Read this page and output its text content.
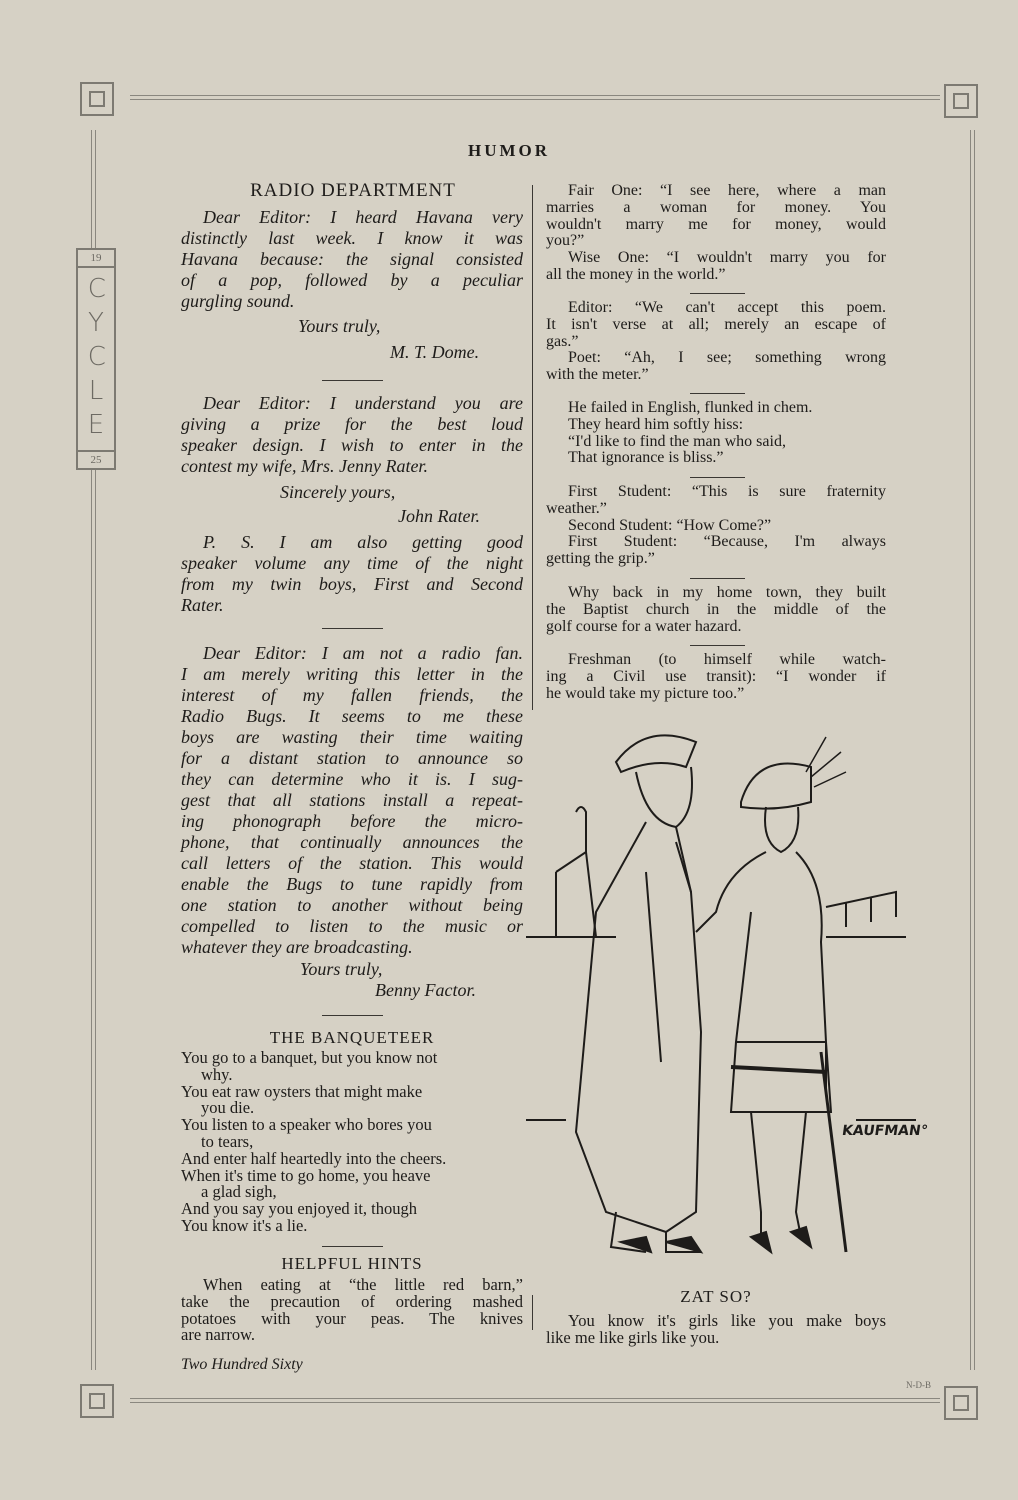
N-D-B
19
CYCLE
25
HUMOR
RADIO DEPARTMENT
Dear Editor: I heard Havana very
distinctly last week. I know it was
Havana because: the signal consisted
of a pop, followed by a peculiar
gurgling sound.
Yours truly,
M. T. Dome.
Dear Editor: I understand you are
giving a prize for the best loud
speaker design. I wish to enter in the
contest my wife, Mrs. Jenny Rater.
Sincerely yours,
John Rater.
P. S. I am also getting good
speaker volume any time of the night
from my twin boys, First and Second
Rater.
Dear Editor: I am not a radio fan.
I am merely writing this letter in the
interest of my fallen friends, the
Radio Bugs. It seems to me these
boys are wasting their time waiting
for a distant station to announce so
they can determine who it is. I sug-
gest that all stations install a repeat-
ing phonograph before the micro-
phone, that continually announces the
call letters of the station. This would
enable the Bugs to tune rapidly from
one station to another without being
compelled to listen to the music or
whatever they are broadcasting.
Yours truly,
Benny Factor.
THE BANQUETEER
You go to a banquet, but you know not
why.
You eat raw oysters that might make
you die.
You listen to a speaker who bores you
to tears,
And enter half heartedly into the cheers.
When it's time to go home, you heave
a glad sigh,
And you say you enjoyed it, though
You know it's a lie.
HELPFUL HINTS
When eating at “the little red barn,”
take the precaution of ordering mashed
potatoes with your peas. The knives
are narrow.
Two Hundred Sixty
Fair One: “I see here, where a man
marries a woman for money. You
wouldn't marry me for money, would
you?”
Wise One: “I wouldn't marry you for
all the money in the world.”
Editor: “We can't accept this poem.
It isn't verse at all; merely an escape of
gas.”
Poet: “Ah, I see; something wrong
with the meter.”
He failed in English, flunked in chem.
They heard him softly hiss:
“I'd like to find the man who said,
That ignorance is bliss.”
First Student: “This is sure fraternity
weather.”
Second Student: “How Come?”
First Student: “Because, I'm always
getting the grip.”
Why back in my home town, they built
the Baptist church in the middle of the
golf course for a water hazard.
Freshman (to himself while watch-
ing a Civil use transit): “I wonder if
he would take my picture too.”
KAUFMAN°
ZAT SO?
You know it's girls like you make boys
like me like girls like you.
